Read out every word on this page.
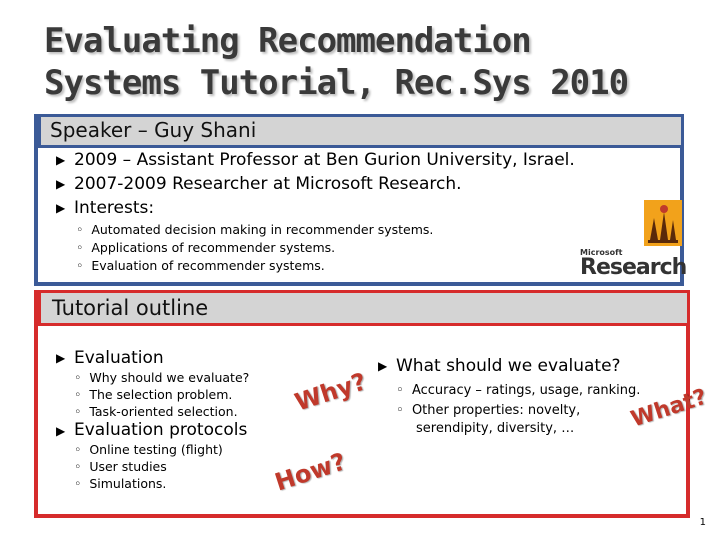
Evaluating Recommendation
Systems Tutorial, Rec.Sys 2010
Speaker – Guy Shani
▶ 2009 – Assistant Professor at Ben Gurion University, Israel.
▶ 2007-2009 Researcher at Microsoft Research.
▶ Interests:
◦  Automated decision making in recommender systems.
◦  Applications of recommender systems.
◦  Evaluation of recommender systems.
Microsoft
Research
Tutorial outline
▶ Evaluation
◦  Why should we evaluate?
◦  The selection problem.
◦  Task-oriented selection.
▶ Evaluation protocols
◦  Online testing (flight)
◦  User studies
◦  Simulations.
Why?
How?
What?
▶ What should we evaluate?
◦  Accuracy – ratings, usage, ranking.
◦  Other properties: novelty,
serendipity, diversity, …
1
